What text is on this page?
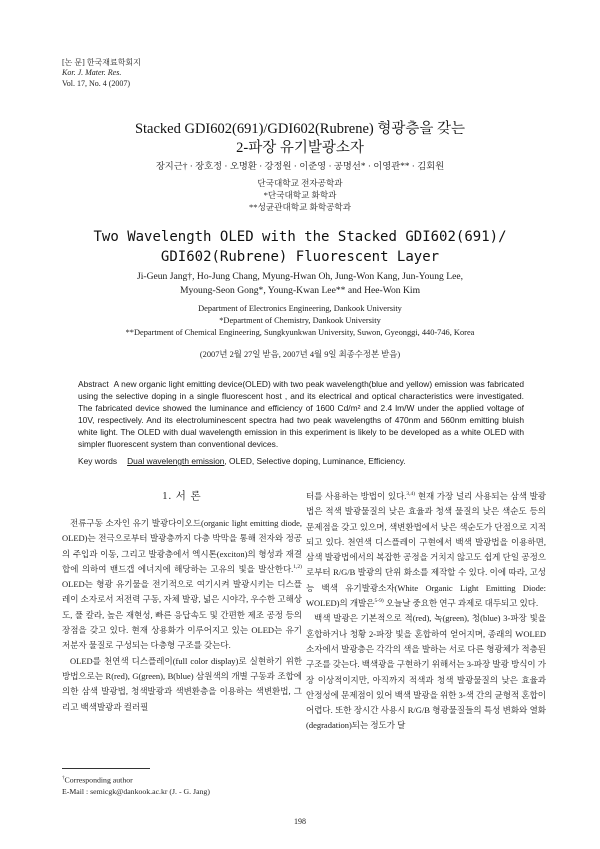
[논 문] 한국재료학회지
Kor. J. Mater. Res.
Vol. 17, No. 4 (2007)
Stacked GDI602(691)/GDI602(Rubrene) 형광층을 갖는
2-파장 유기발광소자
장지근† · 장호정 · 오명환 · 강정원 · 이준영 · 공명선* · 이영관** · 김회원
단국대학교 전자공학과
*단국대학교 화학과
**성균관대학교 화학공학과
Two Wavelength OLED with the Stacked GDI602(691)/
GDI602(Rubrene) Fluorescent Layer
Ji-Geun Jang†, Ho-Jung Chang, Myung-Hwan Oh, Jung-Won Kang, Jun-Young Lee,
Myoung-Seon Gong*, Young-Kwan Lee** and Hee-Won Kim
Department of Electronics Engineering, Dankook University
*Department of Chemistry, Dankook University
**Department of Chemical Engineering, Sungkyunkwan University, Suwon, Gyeonggi, 440-746, Korea
(2007년 2월 27일 받음, 2007년 4월 9일 최종수정본 받음)
Abstract A new organic light emitting device(OLED) with two peak wavelength(blue and yellow) emission was fabricated using the selective doping in a single fluorescent host , and its electrical and optical characteristics were investigated. The fabricated device showed the luminance and efficiency of 1600 Cd/m² and 2.4 lm/W under the applied voltage of 10V, respectively. And its electroluminescent spectra had two peak wavelengths of 470nm and 560nm emitting bluish white light. The OLED with dual wavelength emission in this experiment is likely to be developed as a white OLED with simpler fluorescent system than conventional devices.
Key words Dual wavelength emission, OLED, Selective doping, Luminance, Efficiency.
1. 서 론

전류구동 소자인 유기 발광다이오드(organic light emitting diode, OLED)는 전극으로부터 발광층까지 다층 박막을 통해 전자와 정공의 주입과 이동, 그리고 발광층에서 엑시톤(exciton)의 형성과 재결합에 의하여 밴드갭 에너지에 해당하는 고유의 빛을 발산한다.$^{1,2)}$ OLED는 형광 유기물을 전기적으로 여기시켜 발광시키는 디스플레이 소자로서 저전력 구동, 자체 발광, 넓은 시야각, 우수한 고해상도, 풀 칼라, 높은 재현성, 빠른 응답속도 및 간편한 제조 공정 등의 장점을 갖고 있다. 현재 상용화가 이루어지고 있는 OLED는 유기 저분자 물질로 구성되는 다층형 구조를 갖는다.

OLED를 천연색 디스플레이(full color display)로 실현하기 위한 방법으로는 R(red), G(green), B(blue) 삼원색의 개별 구동과 조합에 의한 삼색 발광법, 청색발광과 색변환층을 이용하는 색변환법, 그리고 백색발광과 컬러필

터를 사용하는 방법이 있다.$^{3,4)}$ 현재 가장 널리 사용되는 삼색 발광법은 적색 발광물질의 낮은 효율과 청색 물질의 낮은 색순도 등의 문제점을 갖고 있으며, 색변환법에서 낮은 색순도가 단점으로 지적되고 있다. 천연색 디스플레이 구현에서 백색 발광법을 이용하면, 삼색 발광법에서의 복잡한 공정을 거치지 않고도 쉽게 단일 공정으로부터 R/G/B 발광의 단위 화소를 제작할 수 있다. 이에 따라, 고성능 백색 유기발광소자(White Organic Light Emitting Diode: WOLED)의 개발은$^{5-9)}$ 오늘날 중요한 연구 과제로 대두되고 있다.

백색 발광은 기본적으로 적(red), 녹(green), 청(blue) 3-파장 빛을 혼합하거나 청황 2-파장 빛을 혼합하여 얻어지며, 종래의 WOLED 소자에서 발광층은 각각의 색을 발하는 서로 다른 형광체가 적층된 구조를 갖는다. 백색광을 구현하기 위해서는 3-파장 발광 방식이 가장 이상적이지만, 아직까지 적색과 청색 발광물질의 낮은 효율과 안정성에 문제점이 있어 백색 발광을 위한 3-색 간의 균형적 혼합이 어렵다. 또한 장시간 사용시 R/G/B 형광물질들의 특성 변화와 열화(degradation)되는 정도가 달

†Corresponding author
E-Mail : semicgk@dankook.ac.kr (J. - G. Jang)
198
